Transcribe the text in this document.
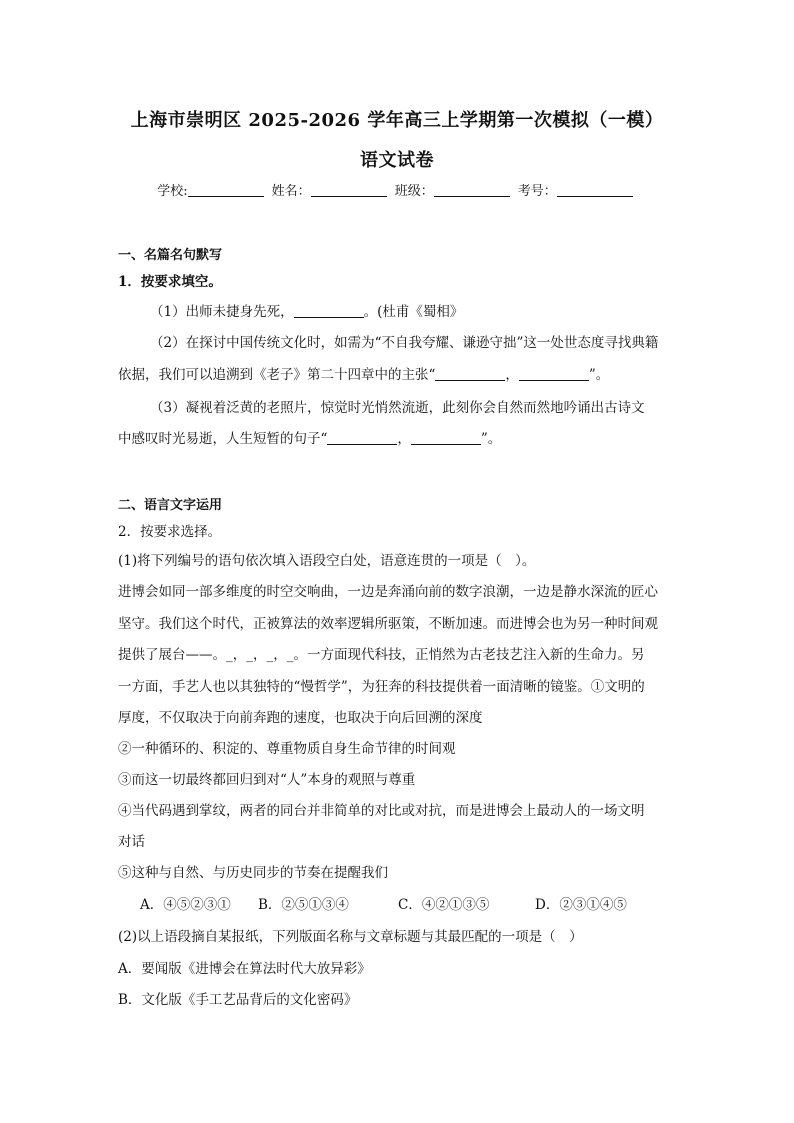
上海市崇明区 2025-2026 学年高三上学期第一次模拟（一模）
语文试卷
学校:	姓名：	班级：	考号：
一、名篇名句默写
1．按要求填空。
（1）出师未捷身先死，	。(杜甫《蜀相》
（2）在探讨中国传统文化时，如需为“不自我夸耀、谦逊守拙”这一处世态度寻找典籍
依据，我们可以追溯到《老子》第二十四章中的主张“	，	”。
（3）凝视着泛黄的老照片，惊觉时光悄然流逝，此刻你会自然而然地吟诵出古诗文
中感叹时光易逝，人生短暂的句子“	，	”。
二、语言文字运用
2．按要求选择。
(1)将下列编号的语句依次填入语段空白处，语意连贯的一项是（　）。
进博会如同一部多维度的时空交响曲，一边是奔涌向前的数字浪潮，一边是静水深流的匠心
坚守。我们这个时代，正被算法的效率逻辑所驱策，不断加速。而进博会也为另一种时间观
提供了展台——。_，_，_，_。一方面现代科技，正悄然为古老技艺注入新的生命力。另
一方面，手艺人也以其独特的“慢哲学”，为狂奔的科技提供着一面清晰的镜鉴。①文明的
厚度，不仅取决于向前奔跑的速度，也取决于向后回溯的深度
②一种循环的、积淀的、尊重物质自身生命节律的时间观
③而这一切最终都回归到对“人”本身的观照与尊重
④当代码遇到掌纹，两者的同台并非简单的对比或对抗，而是进博会上最动人的一场文明
对话
⑤这种与自然、与历史同步的节奏在提醒我们
A．④⑤②③① B．②⑤①③④	C．④②①③⑤	D．②③①④⑤
(2)以上语段摘自某报纸，下列版面名称与文章标题与其最匹配的一项是（　）
A．要闻版《进博会在算法时代大放异彩》
B．文化版《手工艺品背后的文化密码》
